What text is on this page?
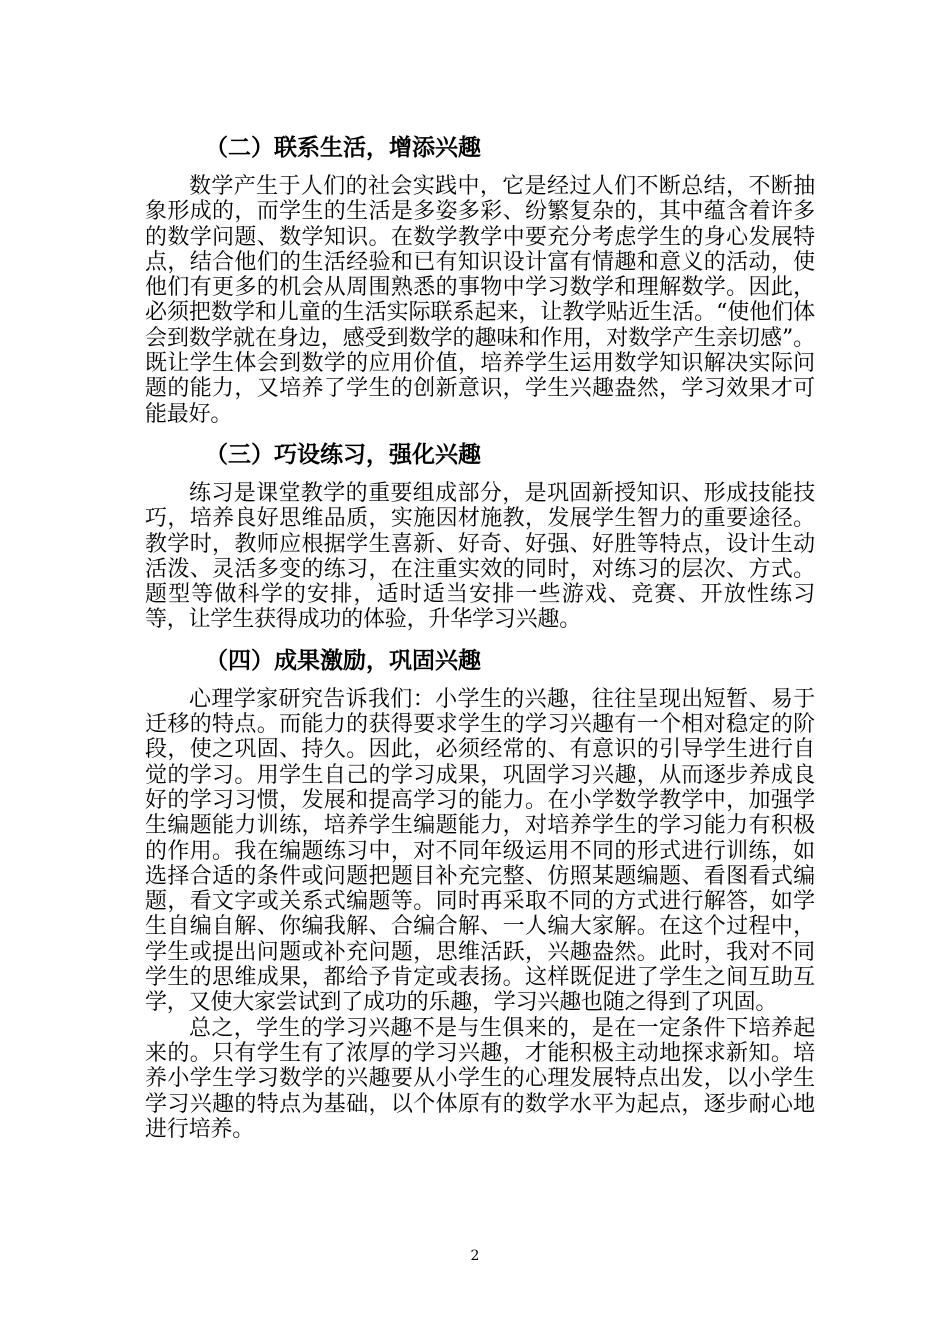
（二）联系生活，增添兴趣

数学产生于人们的社会实践中，它是经过人们不断总结，不断抽象形成的，而学生的生活是多姿多彩、纷繁复杂的，其中蕴含着许多的数学问题、数学知识。在数学教学中要充分考虑学生的身心发展特点，结合他们的生活经验和已有知识设计富有情趣和意义的活动，使他们有更多的机会从周围熟悉的事物中学习数学和理解数学。因此，必须把数学和儿童的生活实际联系起来，让教学贴近生活。“使他们体会到数学就在身边，感受到数学的趣味和作用，对数学产生亲切感”。既让学生体会到数学的应用价值，培养学生运用数学知识解决实际问题的能力，又培养了学生的创新意识，学生兴趣盎然，学习效果才可能最好。

（三）巧设练习，强化兴趣

练习是课堂教学的重要组成部分，是巩固新授知识、形成技能技巧，培养良好思维品质，实施因材施教，发展学生智力的重要途径。教学时，教师应根据学生喜新、好奇、好强、好胜等特点，设计生动活泼、灵活多变的练习，在注重实效的同时，对练习的层次、方式。题型等做科学的安排，适时适当安排一些游戏、竞赛、开放性练习等，让学生获得成功的体验，升华学习兴趣。

（四）成果激励，巩固兴趣

心理学家研究告诉我们：小学生的兴趣，往往呈现出短暂、易于迁移的特点。而能力的获得要求学生的学习兴趣有一个相对稳定的阶段，使之巩固、持久。因此，必须经常的、有意识的引导学生进行自觉的学习。用学生自己的学习成果，巩固学习兴趣，从而逐步养成良好的学习习惯，发展和提高学习的能力。在小学数学教学中，加强学生编题能力训练，培养学生编题能力，对培养学生的学习能力有积极的作用。我在编题练习中，对不同年级运用不同的形式进行训练，如选择合适的条件或问题把题目补充完整、仿照某题编题、看图看式编题，看文字或关系式编题等。同时再采取不同的方式进行解答，如学生自编自解、你编我解、合编合解、一人编大家解。在这个过程中，学生或提出问题或补充问题，思维活跃，兴趣盎然。此时，我对不同学生的思维成果，都给予肯定或表扬。这样既促进了学生之间互助互学，又使大家尝试到了成功的乐趣，学习兴趣也随之得到了巩固。

总之，学生的学习兴趣不是与生俱来的，是在一定条件下培养起来的。只有学生有了浓厚的学习兴趣，才能积极主动地探求新知。培养小学生学习数学的兴趣要从小学生的心理发展特点出发，以小学生学习兴趣的特点为基础，以个体原有的数学水平为起点，逐步耐心地进行培养。

2
